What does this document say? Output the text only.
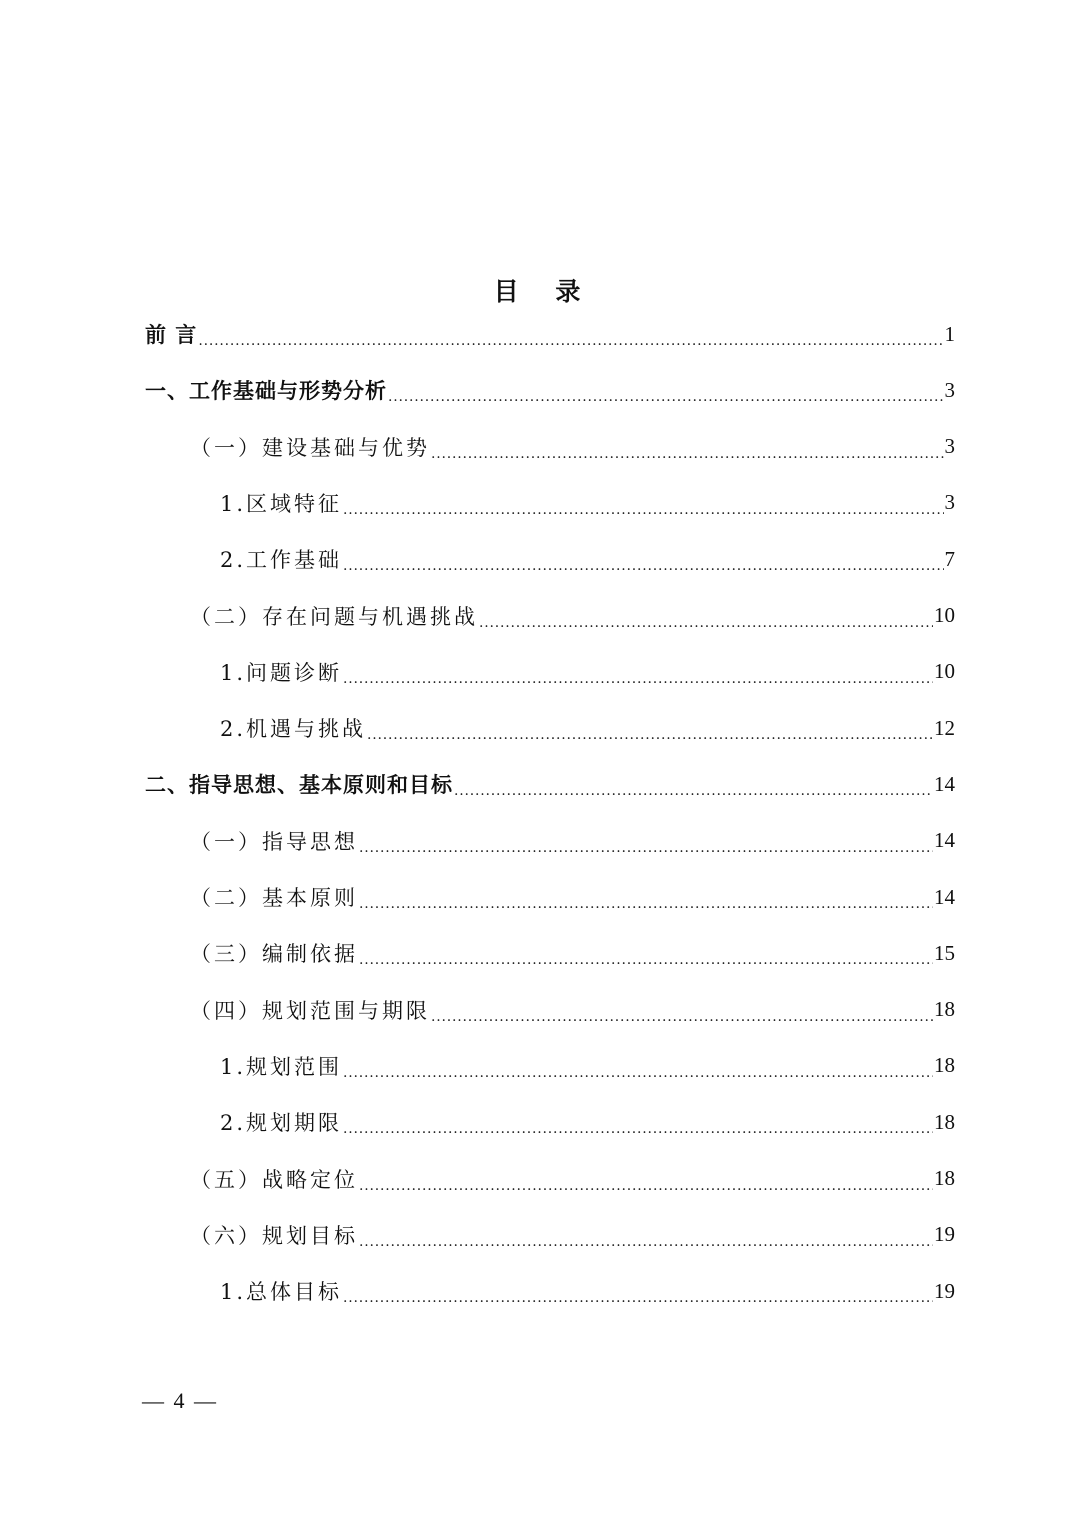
目 录
前 言 .....	1
一、工作基础与形势分析 .....	3
（一）建设基础与优势 .....	3
1.区域特征 .....	3
2.工作基础 .....	7
（二）存在问题与机遇挑战 .....	10
1.问题诊断 .....	10
2.机遇与挑战 .....	12
二、指导思想、基本原则和目标 .....	14
（一）指导思想 .....	14
（二）基本原则 .....	14
（三）编制依据 .....	15
（四）规划范围与期限 .....	18
1.规划范围 .....	18
2.规划期限 .....	18
（五）战略定位 .....	18
（六）规划目标 .....	19
1.总体目标 .....	19
— 4 —
